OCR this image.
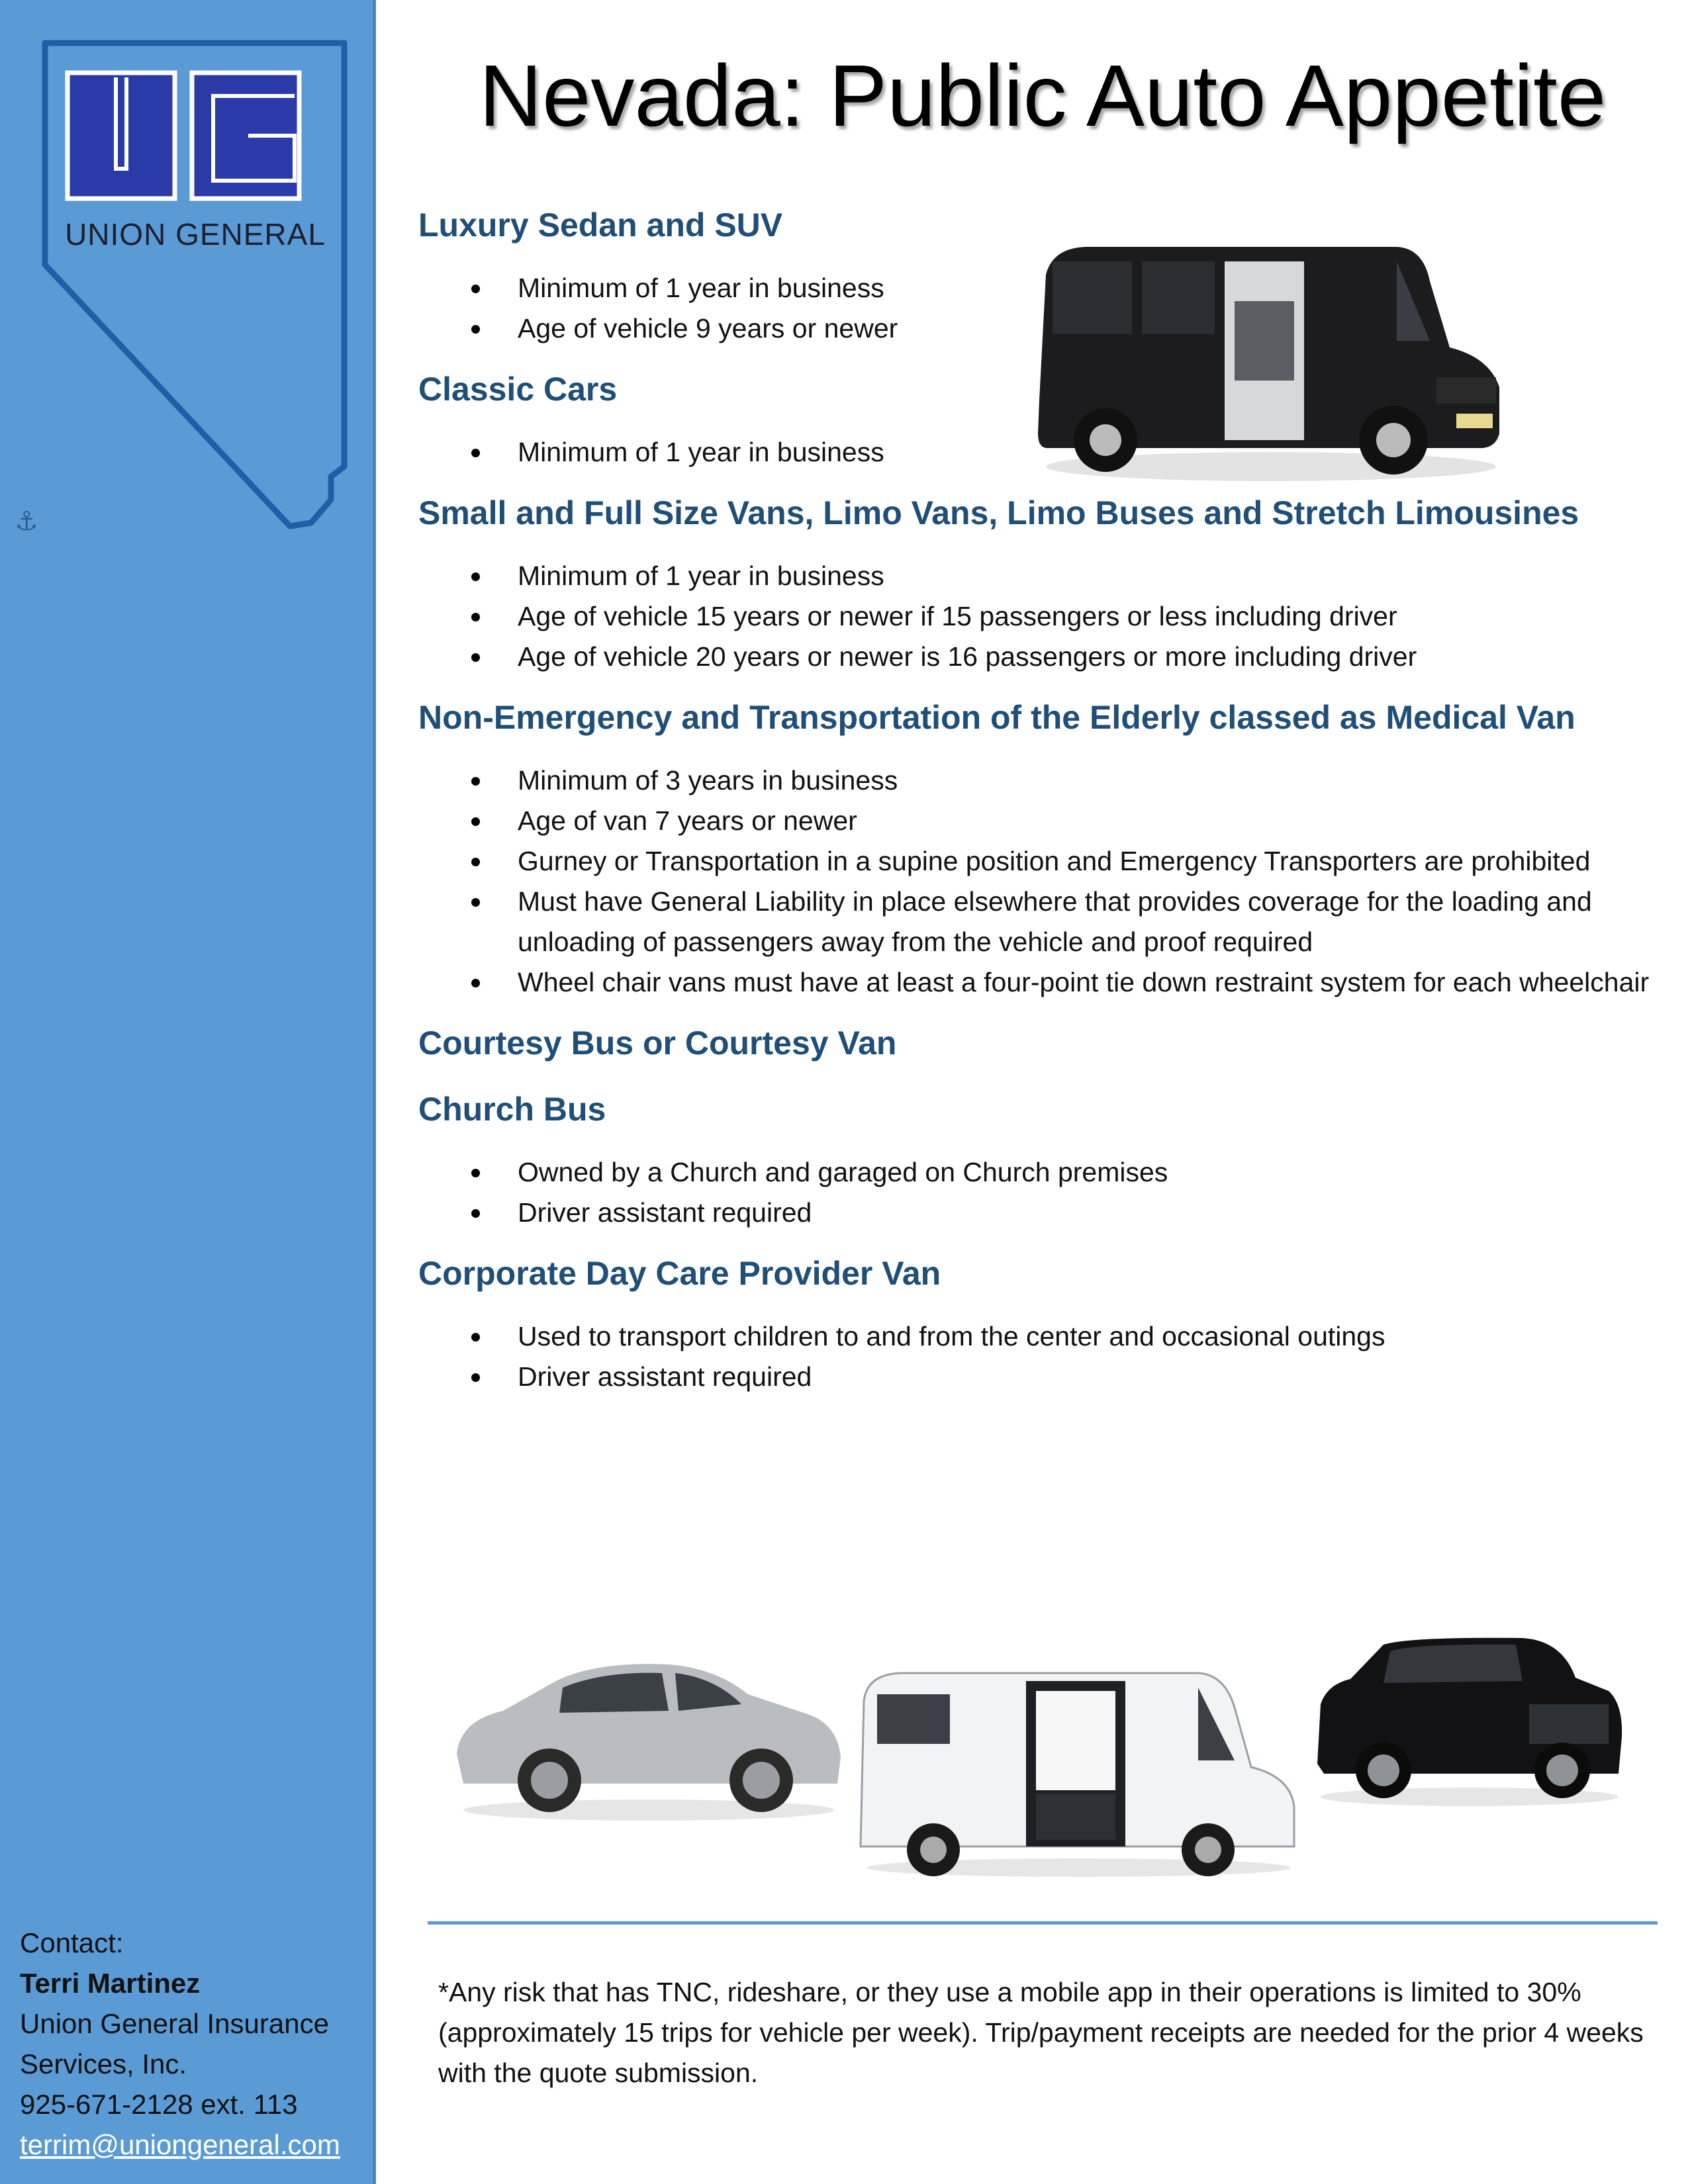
UNION GENERAL
⚓
Contact:
Terri Martinez
Union General Insurance
Services, Inc.
925-671-2128 ext. 113
terrim@uniongeneral.com
Nevada: Public Auto Appetite
Luxury Sedan and SUV
Minimum of 1 year in business
Age of vehicle 9 years or newer
Classic Cars
Minimum of 1 year in business
Small and Full Size Vans, Limo Vans, Limo Buses and Stretch Limousines
Minimum of 1 year in business
Age of vehicle 15 years or newer if 15 passengers or less including driver
Age of vehicle 20 years or newer is 16 passengers or more including driver
Non-Emergency and Transportation of the Elderly classed as Medical Van
Minimum of 3 years in business
Age of van 7 years or newer
Gurney or Transportation in a supine position and Emergency Transporters are prohibited
Must have General Liability in place elsewhere that provides coverage for the loading and unloading of passengers away from the vehicle and proof required
Wheel chair vans must have at least a four-point tie down restraint system for each wheelchair
Courtesy Bus or Courtesy Van
Church Bus
Owned by a Church and garaged on Church premises
Driver assistant required
Corporate Day Care Provider Van
Used to transport children to and from the center and occasional outings
Driver assistant required
*Any risk that has TNC, rideshare, or they use a mobile app in their operations is limited to 30% (approximately 15 trips for vehicle per week). Trip/payment receipts are needed for the prior 4 weeks with the quote submission.
